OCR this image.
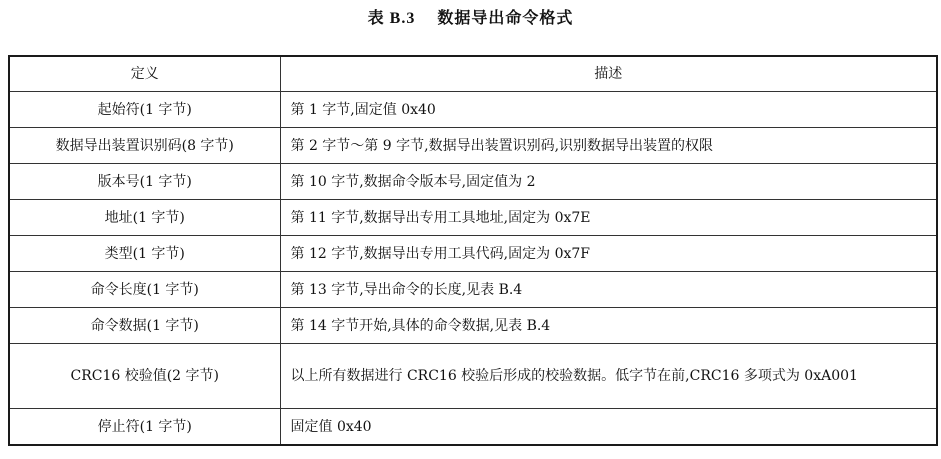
表 B.3 数据导出命令格式
定义	描述
起始符(1 字节)	第 1 字节,固定值 0x40
数据导出装置识别码(8 字节)	第 2 字节～第 9 字节,数据导出装置识别码,识别数据导出装置的权限
版本号(1 字节)	第 10 字节,数据命令版本号,固定值为 2
地址(1 字节)	第 11 字节,数据导出专用工具地址,固定为 0x7E
类型(1 字节)	第 12 字节,数据导出专用工具代码,固定为 0x7F
命令长度(1 字节)	第 13 字节,导出命令的长度,见表 B.4
命令数据(1 字节)	第 14 字节开始,具体的命令数据,见表 B.4
CRC16 校验值(2 字节)	以上所有数据进行 CRC16 校验后形成的校验数据。低字节在前,CRC16 多项式为 0xA001
停止符(1 字节)	固定值 0x40
